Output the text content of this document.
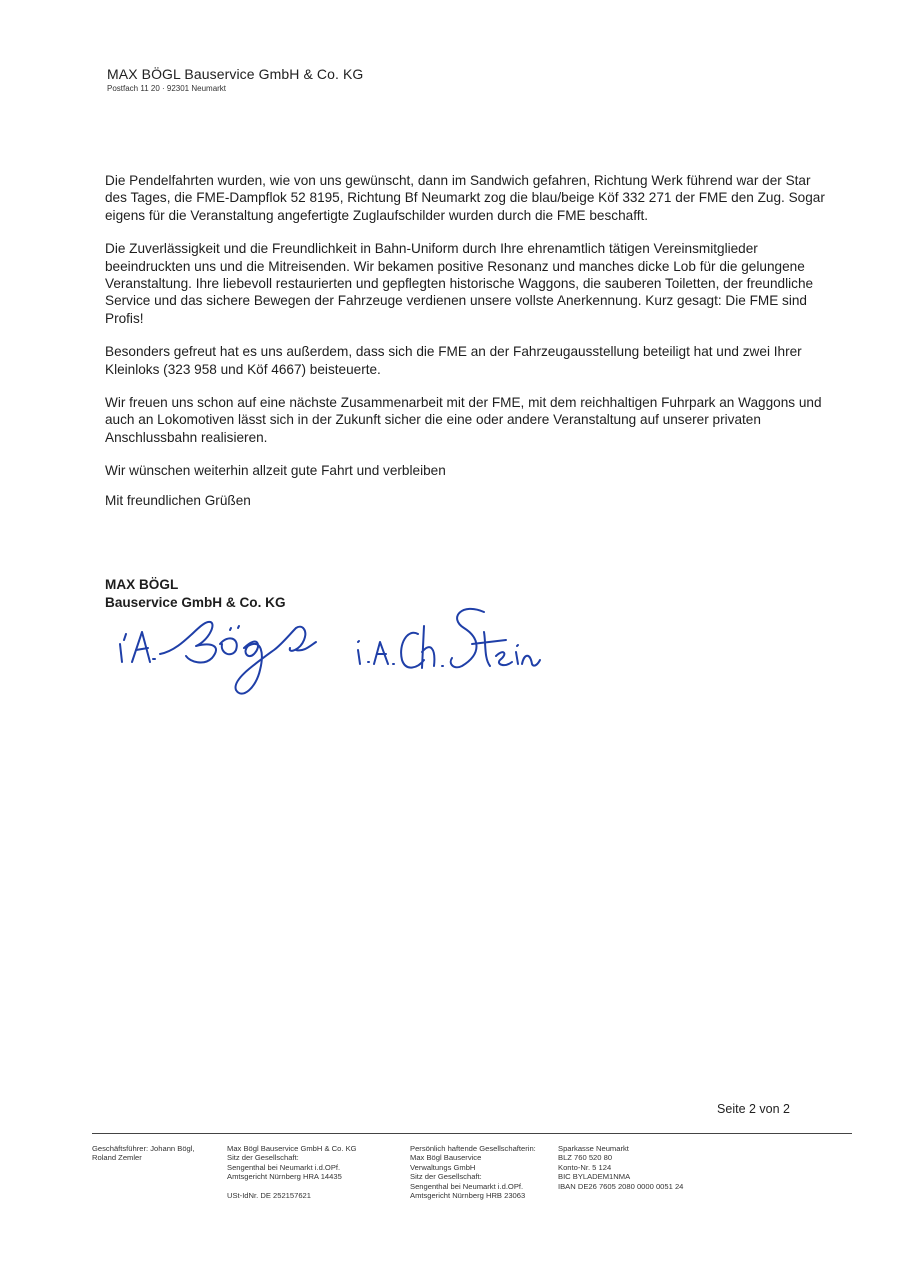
MAX BÖGL Bauservice GmbH & Co. KG
Postfach 11 20 · 92301 Neumarkt

Die Pendelfahrten wurden, wie von uns gewünscht, dann im Sandwich gefahren, Richtung Werk führend war der Star des Tages, die FME-Dampflok 52 8195, Richtung Bf Neumarkt zog die blau/beige Köf 332 271 der FME den Zug. Sogar eigens für die Veranstaltung angefertigte Zuglaufschilder wurden durch die FME beschafft.

Die Zuverlässigkeit und die Freundlichkeit in Bahn-Uniform durch Ihre ehrenamtlich tätigen Vereinsmitglieder beeindruckten uns und die Mitreisenden. Wir bekamen positive Resonanz und manches dicke Lob für die gelungene Veranstaltung. Ihre liebevoll restaurierten und gepflegten historische Waggons, die sauberen Toiletten, der freundliche Service und das sichere Bewegen der Fahrzeuge verdienen unsere vollste Anerkennung. Kurz gesagt: Die FME sind Profis!

Besonders gefreut hat es uns außerdem, dass sich die FME an der Fahrzeugausstellung beteiligt hat und zwei Ihrer Kleinloks (323 958 und Köf 4667) beisteuerte.

Wir freuen uns schon auf eine nächste Zusammenarbeit mit der FME, mit dem reichhaltigen Fuhrpark an Waggons und auch an Lokomotiven lässt sich in der Zukunft sicher die eine oder andere Veranstaltung auf unserer privaten Anschlussbahn realisieren.

Wir wünschen weiterhin allzeit gute Fahrt und verbleiben

Mit freundlichen Grüßen

MAX BÖGL
Bauservice GmbH & Co. KG
Seite 2 von 2
Geschäftsführer: Johann Bögl,
Roland Zemler
Max Bögl Bauservice GmbH & Co. KG
Sitz der Gesellschaft:
Sengenthal bei Neumarkt i.d.OPf.
Amtsgericht Nürnberg HRA 14435
USt-IdNr. DE 252157621
Persönlich haftende Gesellschafterin:
Max Bögl Bauservice
Verwaltungs GmbH
Sitz der Gesellschaft:
Sengenthal bei Neumarkt i.d.OPf.
Amtsgericht Nürnberg HRB 23063
Sparkasse Neumarkt
BLZ 760 520 80
Konto-Nr. 5 124
BIC BYLADEM1NMA
IBAN DE26 7605 2080 0000 0051 24
